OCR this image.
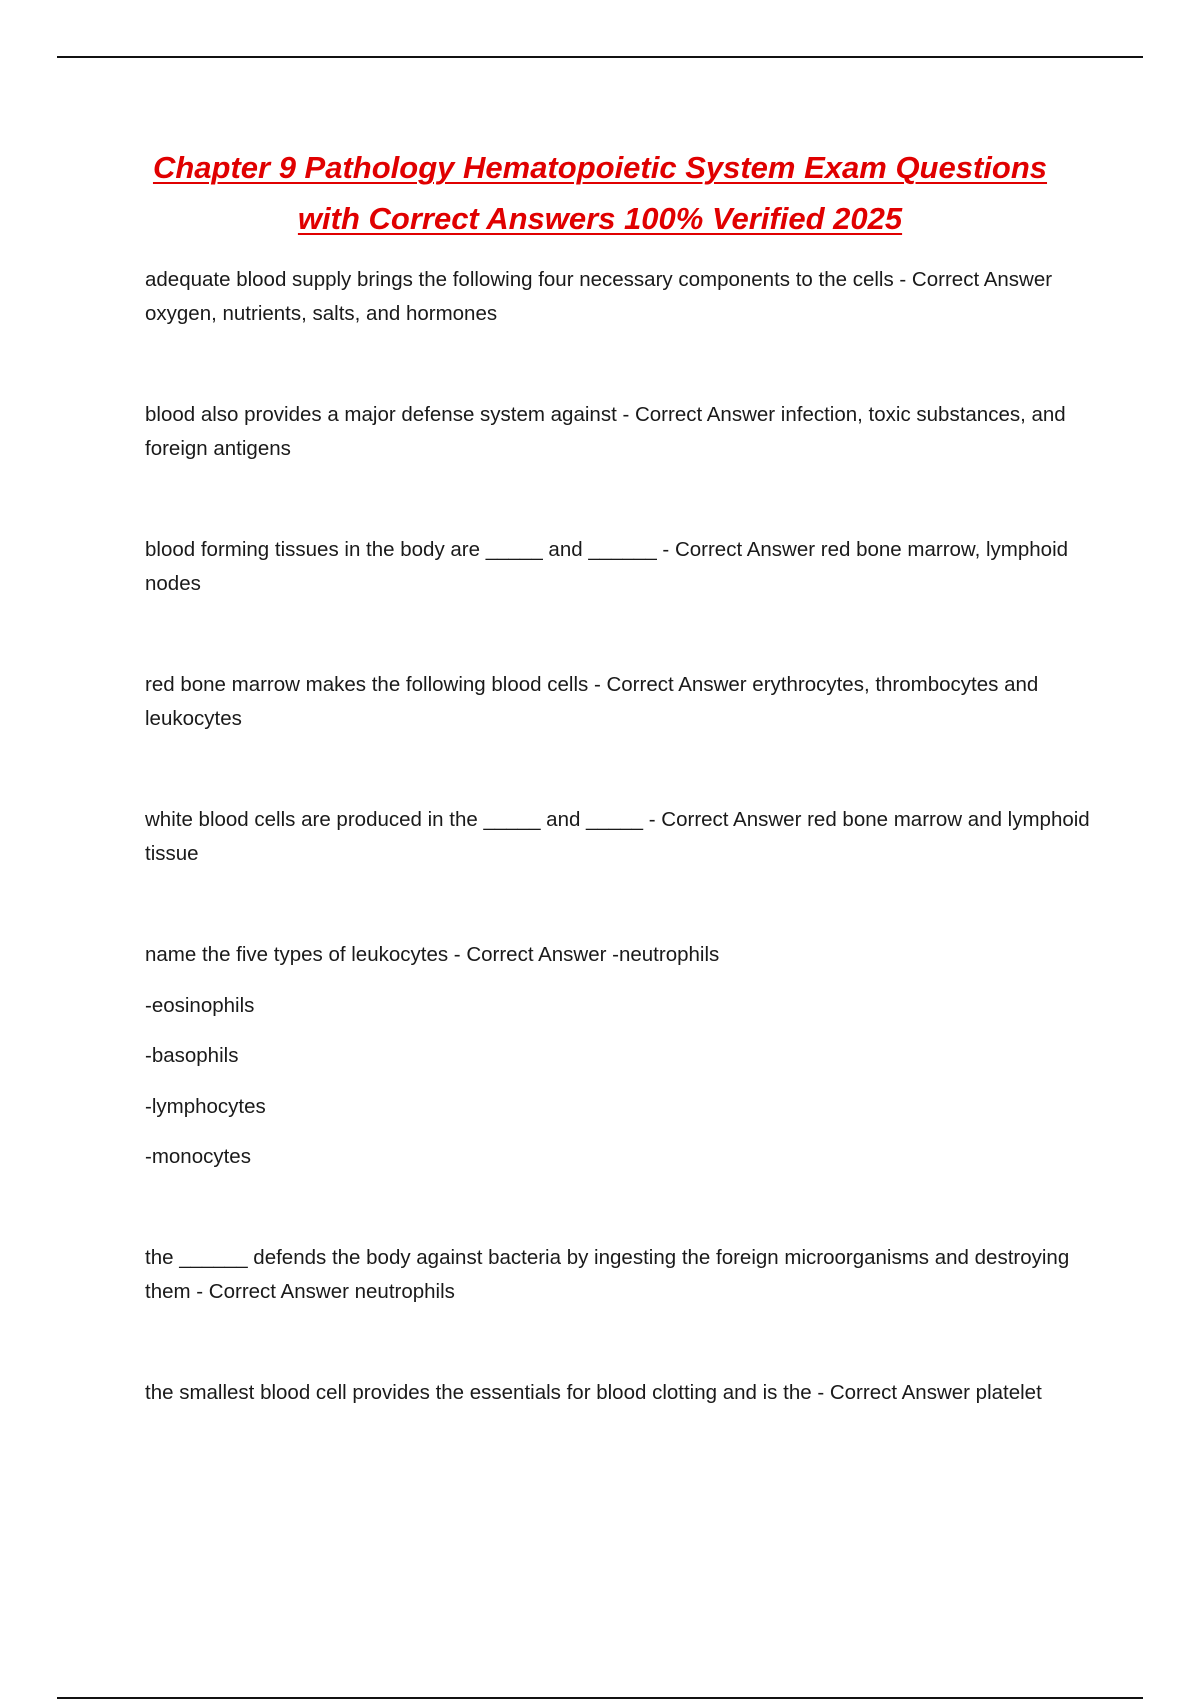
Chapter 9 Pathology Hematopoietic System Exam Questions
with Correct Answers 100% Verified 2025

adequate blood supply brings the following four necessary components to the cells - Correct Answer oxygen, nutrients, salts, and hormones

blood also provides a major defense system against - Correct Answer infection, toxic substances, and foreign antigens

blood forming tissues in the body are _____ and ______ - Correct Answer red bone marrow, lymphoid nodes

red bone marrow makes the following blood cells - Correct Answer erythrocytes, thrombocytes and leukocytes

white blood cells are produced in the _____ and _____ - Correct Answer red bone marrow and lymphoid tissue

name the five types of leukocytes - Correct Answer -neutrophils

-eosinophils

-basophils

-lymphocytes

-monocytes

the ______ defends the body against bacteria by ingesting the foreign microorganisms and destroying them - Correct Answer neutrophils

the smallest blood cell provides the essentials for blood clotting and is the - Correct Answer platelet
